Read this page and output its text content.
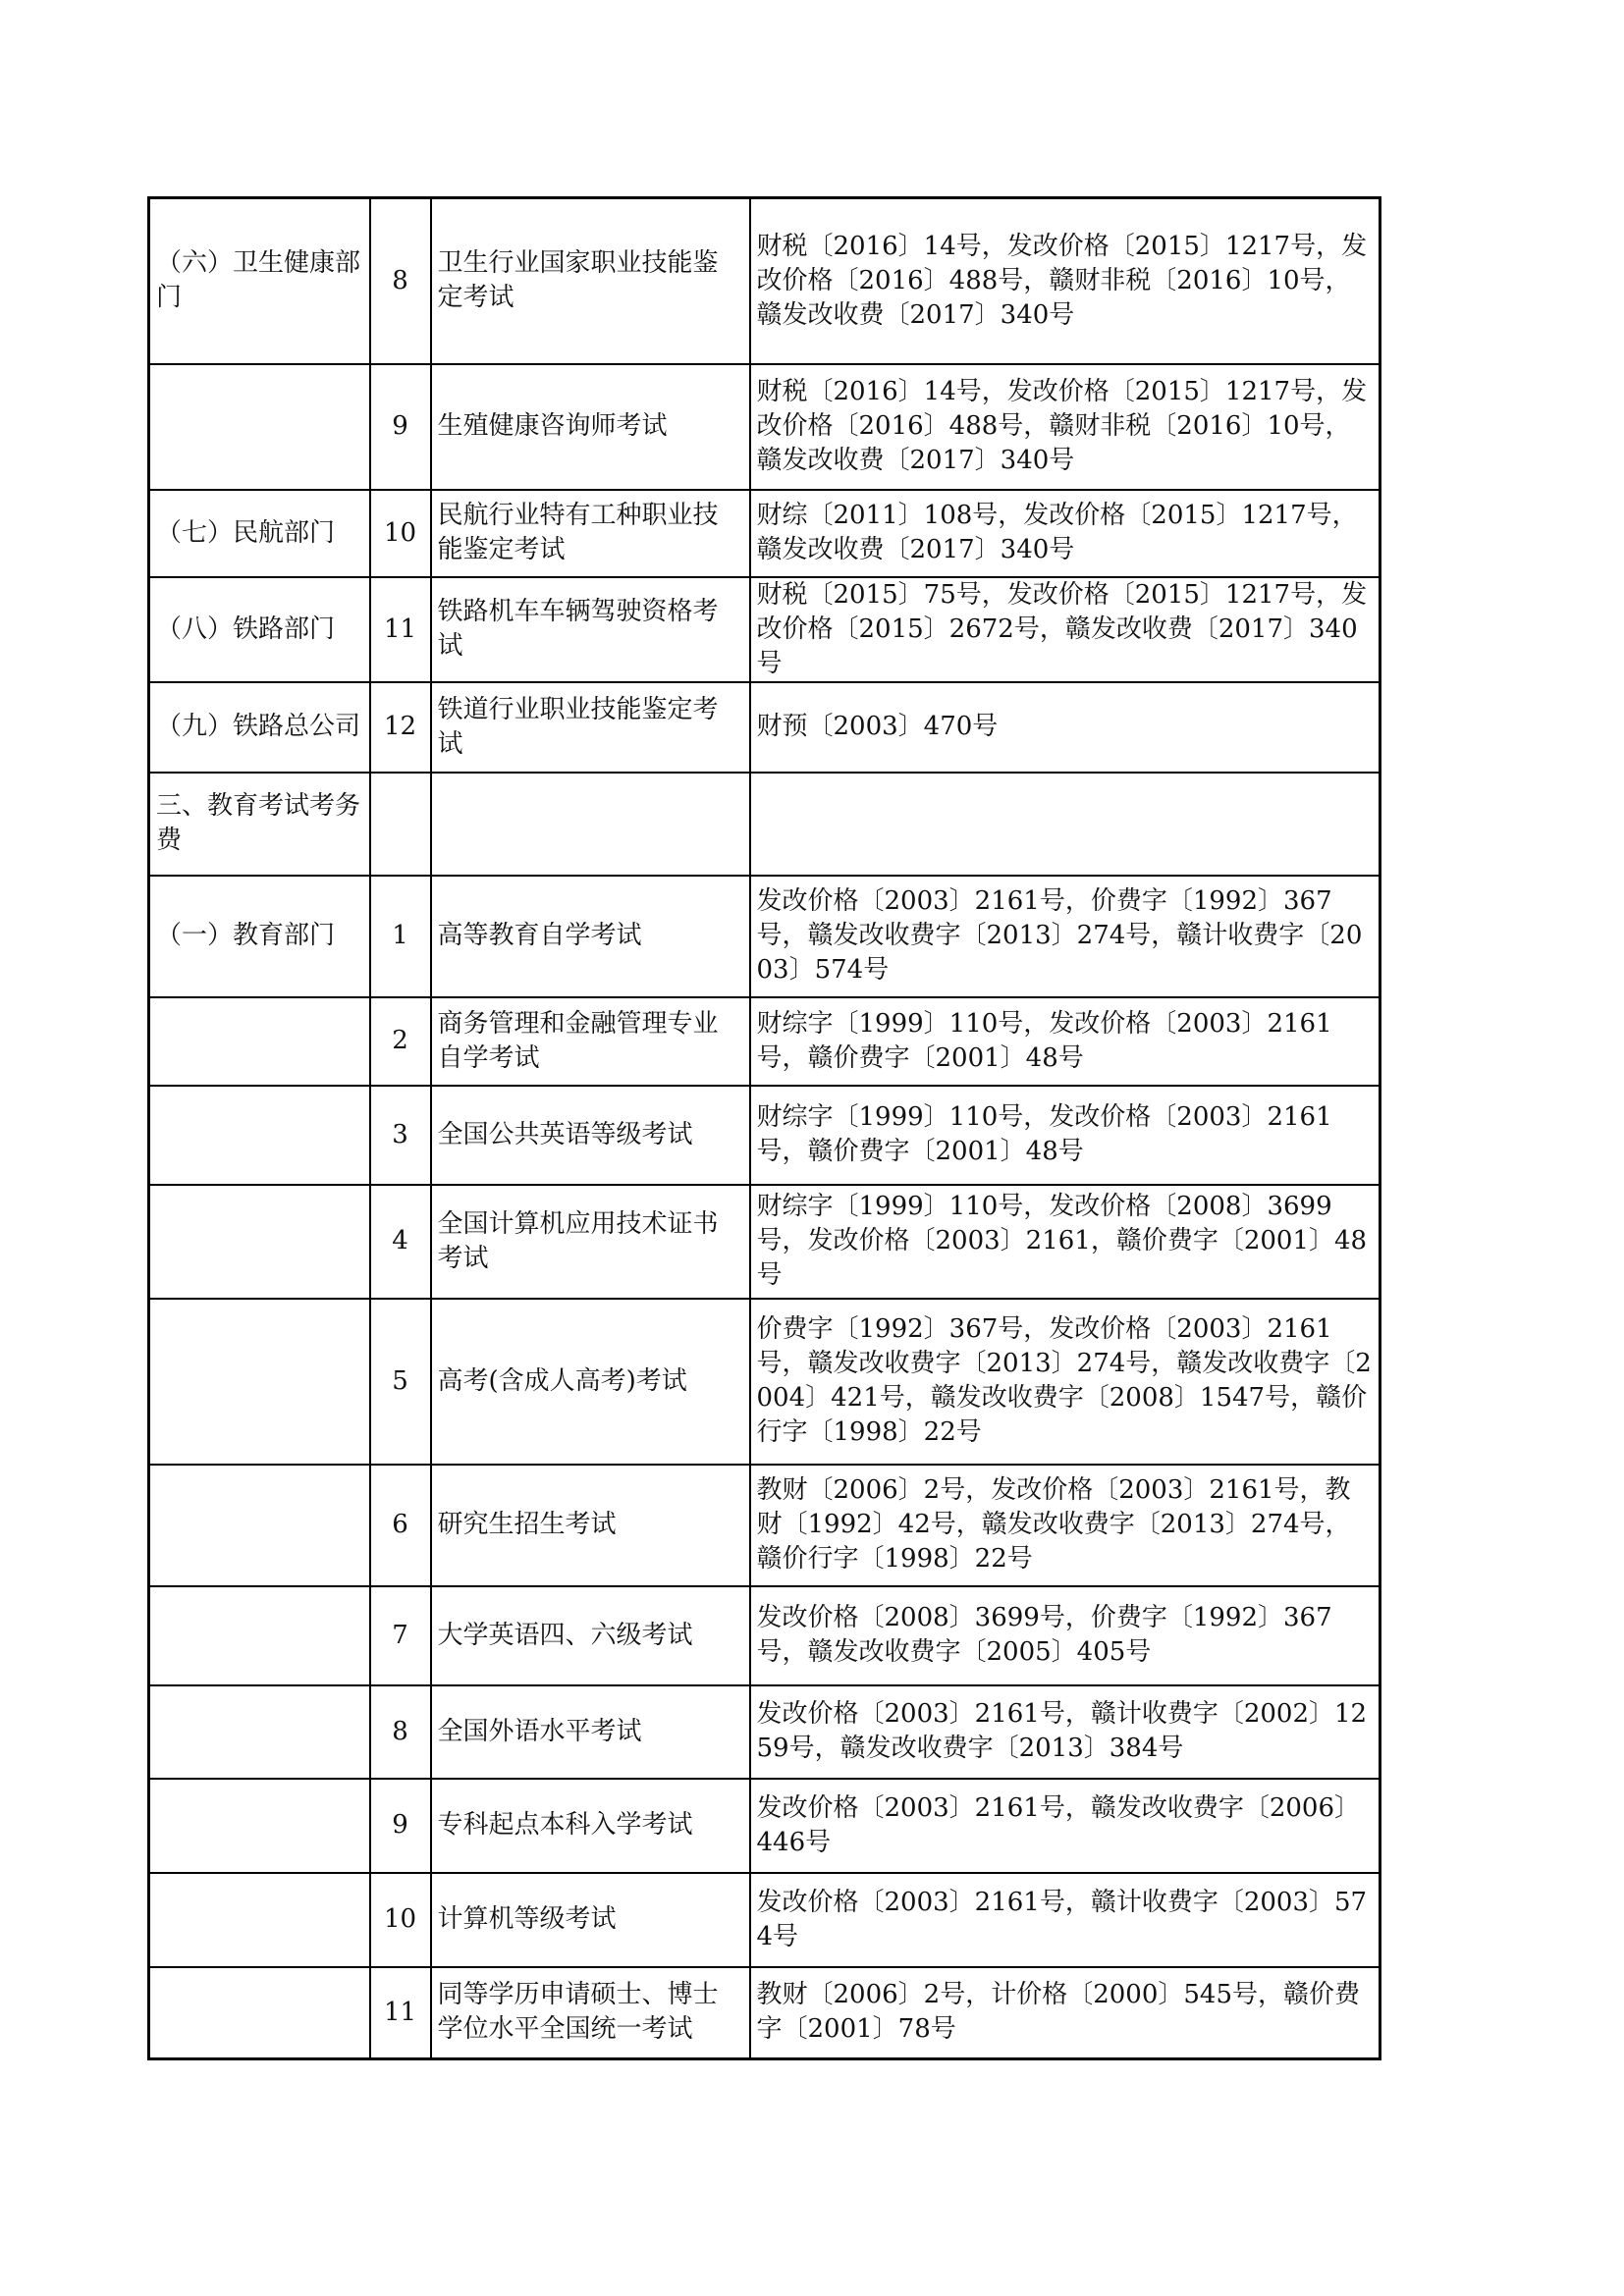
（六）卫生健康部门	8	卫生行业国家职业技能鉴定考试	财税〔2016〕14号，发改价格〔2015〕1217号，发改价格〔2016〕488号，赣财非税〔2016〕10号，赣发改收费〔2017〕340号
	9	生殖健康咨询师考试	财税〔2016〕14号，发改价格〔2015〕1217号，发改价格〔2016〕488号，赣财非税〔2016〕10号，赣发改收费〔2017〕340号
（七）民航部门	10	民航行业特有工种职业技能鉴定考试	财综〔2011〕108号，发改价格〔2015〕1217号，赣发改收费〔2017〕340号
（八）铁路部门	11	铁路机车车辆驾驶资格考试	财税〔2015〕75号，发改价格〔2015〕1217号，发改价格〔2015〕2672号，赣发改收费〔2017〕340号
（九）铁路总公司	12	铁道行业职业技能鉴定考试	财预〔2003〕470号
三、教育考试考务费			
（一）教育部门	1	高等教育自学考试	发改价格〔2003〕2161号，价费字〔1992〕367号，赣发改收费字〔2013〕274号，赣计收费字〔2003〕574号
	2	商务管理和金融管理专业自学考试	财综字〔1999〕110号，发改价格〔2003〕2161号，赣价费字〔2001〕48号
	3	全国公共英语等级考试	财综字〔1999〕110号，发改价格〔2003〕2161号，赣价费字〔2001〕48号
	4	全国计算机应用技术证书考试	财综字〔1999〕110号，发改价格〔2008〕3699号，发改价格〔2003〕2161，赣价费字〔2001〕48号
	5	高考(含成人高考)考试	价费字〔1992〕367号，发改价格〔2003〕2161号，赣发改收费字〔2013〕274号，赣发改收费字〔2004〕421号，赣发改收费字〔2008〕1547号，赣价行字〔1998〕22号
	6	研究生招生考试	教财〔2006〕2号，发改价格〔2003〕2161号，教财〔1992〕42号，赣发改收费字〔2013〕274号，赣价行字〔1998〕22号
	7	大学英语四、六级考试	发改价格〔2008〕3699号，价费字〔1992〕367号，赣发改收费字〔2005〕405号
	8	全国外语水平考试	发改价格〔2003〕2161号，赣计收费字〔2002〕1259号，赣发改收费字〔2013〕384号
	9	专科起点本科入学考试	发改价格〔2003〕2161号，赣发改收费字〔2006〕446号
	10	计算机等级考试	发改价格〔2003〕2161号，赣计收费字〔2003〕574号
	11	同等学历申请硕士、博士学位水平全国统一考试	教财〔2006〕2号，计价格〔2000〕545号，赣价费字〔2001〕78号
